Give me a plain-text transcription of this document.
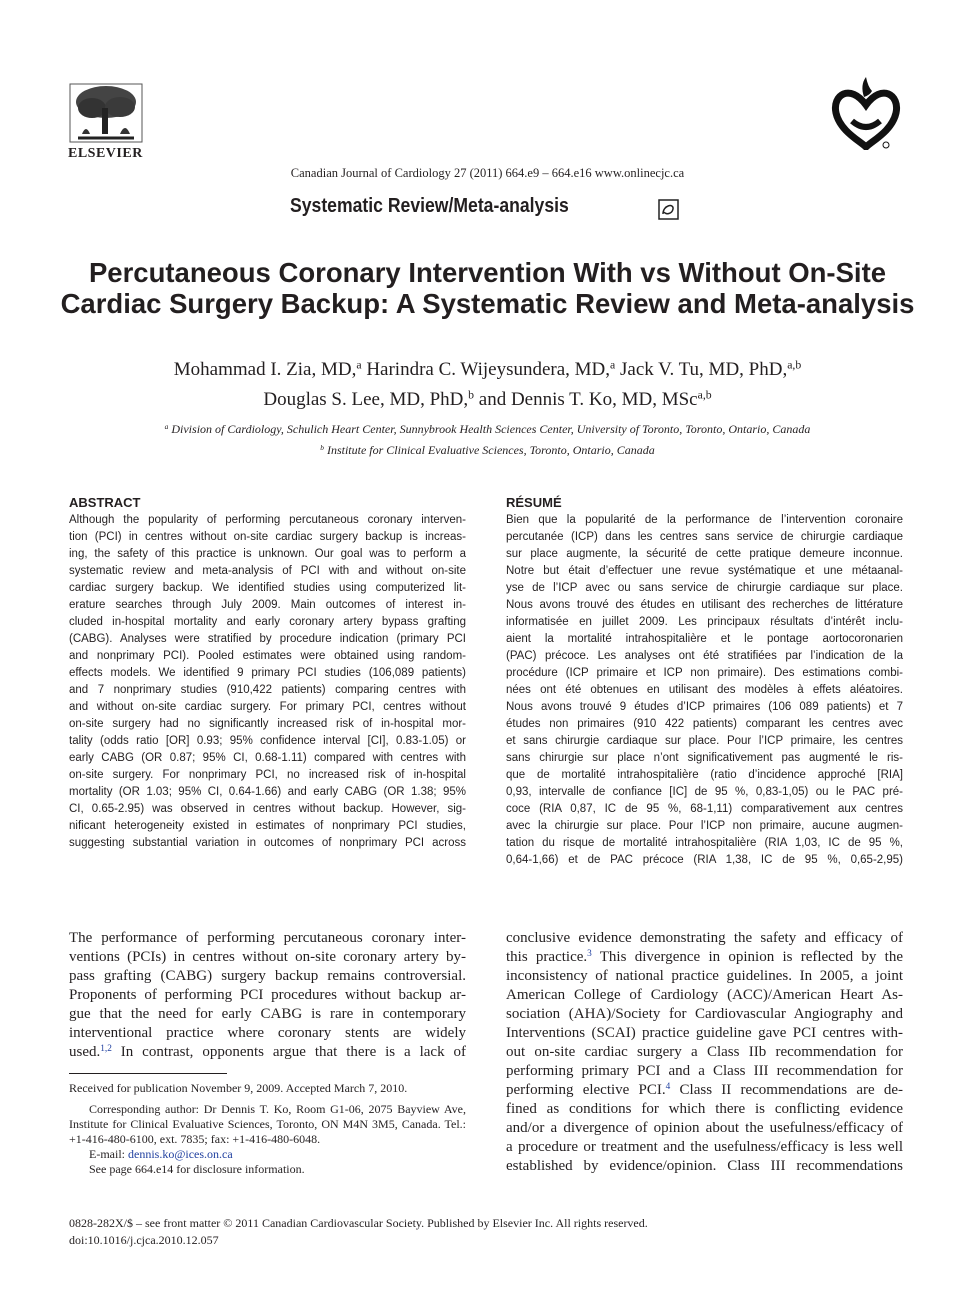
ELSEVIER
Canadian Journal of Cardiology 27 (2011) 664.e9 – 664.e16 www.onlinecjc.ca
Systematic Review/Meta-analysis
Percutaneous Coronary Intervention With vs Without On-Site Cardiac Surgery Backup: A Systematic Review and Meta-analysis
Mohammad I. Zia, MD,$^a$ Harindra C. Wijeysundera, MD,$^a$ Jack V. Tu, MD, PhD,$^{a,b}$
Douglas S. Lee, MD, PhD,$^b$ and Dennis T. Ko, MD, MSc$^{a,b}$
$^a$ Division of Cardiology, Schulich Heart Center, Sunnybrook Health Sciences Center, University of Toronto, Toronto, Ontario, Canada
$^b$ Institute for Clinical Evaluative Sciences, Toronto, Ontario, Canada
ABSTRACT
Although the popularity of performing percutaneous coronary interven-
tion (PCI) in centres without on-site cardiac surgery backup is increas-
ing, the safety of this practice is unknown. Our goal was to perform a
systematic review and meta-analysis of PCI with and without on-site
cardiac surgery backup. We identified studies using computerized lit-
erature searches through July 2009. Main outcomes of interest in-
cluded in-hospital mortality and early coronary artery bypass grafting
(CABG). Analyses were stratified by procedure indication (primary PCI
and nonprimary PCI). Pooled estimates were obtained using random-
effects models. We identified 9 primary PCI studies (106,089 patients)
and 7 nonprimary studies (910,422 patients) comparing centres with
and without on-site cardiac surgery. For primary PCI, centres without
on-site surgery had no significantly increased risk of in-hospital mor-
tality (odds ratio [OR] 0.93; 95% confidence interval [CI], 0.83-1.05) or
early CABG (OR 0.87; 95% CI, 0.68-1.11) compared with centres with
on-site surgery. For nonprimary PCI, no increased risk of in-hospital
mortality (OR 1.03; 95% CI, 0.64-1.66) and early CABG (OR 1.38; 95%
CI, 0.65-2.95) was observed in centres without backup. However, sig-
nificant heterogeneity existed in estimates of nonprimary PCI studies,
suggesting substantial variation in outcomes of nonprimary PCI across
RÉSUMÉ
Bien que la popularité de la performance de l’intervention coronaire
percutanée (ICP) dans les centres sans service de chirurgie cardiaque
sur place augmente, la sécurité de cette pratique demeure inconnue.
Notre but était d’effectuer une revue systématique et une métaanal-
yse de l’ICP avec ou sans service de chirurgie cardiaque sur place.
Nous avons trouvé des études en utilisant des recherches de littérature
informatisée en juillet 2009. Les principaux résultats d’intérêt inclu-
aient la mortalité intrahospitalière et le pontage aortocoronarien
(PAC) précoce. Les analyses ont été stratifiées par l’indication de la
procédure (ICP primaire et ICP non primaire). Des estimations combi-
nées ont été obtenues en utilisant des modèles à effets aléatoires.
Nous avons trouvé 9 études d’ICP primaires (106 089 patients) et 7
études non primaires (910 422 patients) comparant les centres avec
et sans chirurgie cardiaque sur place. Pour l’ICP primaire, les centres
sans chirurgie sur place n’ont significativement pas augmenté le ris-
que de mortalité intrahospitalière (ratio d’incidence approché [RIA]
0,93, intervalle de confiance [IC] de 95 %, 0,83-1,05) ou le PAC pré-
coce (RIA 0,87, IC de 95 %, 68-1,11) comparativement aux centres
avec la chirurgie sur place. Pour l’ICP non primaire, aucune augmen-
tation du risque de mortalité intrahospitalière (RIA 1,03, IC de 95 %,
0,64-1,66) et de PAC précoce (RIA 1,38, IC de 95 %, 0,65-2,95)
The performance of performing percutaneous coronary inter-
ventions (PCIs) in centres without on-site coronary artery by-
pass grafting (CABG) surgery backup remains controversial.
Proponents of performing PCI procedures without backup ar-
gue that the need for early CABG is rare in contemporary
interventional practice where coronary stents are widely
used.$^{1,2}$ In contrast, opponents argue that there is a lack of
conclusive evidence demonstrating the safety and efficacy of
this practice.$^3$ This divergence in opinion is reflected by the
inconsistency of national practice guidelines. In 2005, a joint
American College of Cardiology (ACC)/American Heart As-
sociation (AHA)/Society for Cardiovascular Angiography and
Interventions (SCAI) practice guideline gave PCI centres with-
out on-site cardiac surgery a Class IIb recommendation for
performing primary PCI and a Class III recommendation for
performing elective PCI.$^4$ Class II recommendations are de-
fined as conditions for which there is conflicting evidence
and/or a divergence of opinion about the usefulness/efficacy of
a procedure or treatment and the usefulness/efficacy is less well
established by evidence/opinion. Class III recommendations
Received for publication November 9, 2009. Accepted March 7, 2010.
Corresponding author: Dr Dennis T. Ko, Room G1-06, 2075 Bayview Ave, Institute for Clinical Evaluative Sciences, Toronto, ON M4N 3M5, Canada. Tel.: +1-416-480-6100, ext. 7835; fax: +1-416-480-6048.
E-mail: dennis.ko@ices.on.ca
See page 664.e14 for disclosure information.
0828-282X/$ – see front matter © 2011 Canadian Cardiovascular Society. Published by Elsevier Inc. All rights reserved.
doi:10.1016/j.cjca.2010.12.057
